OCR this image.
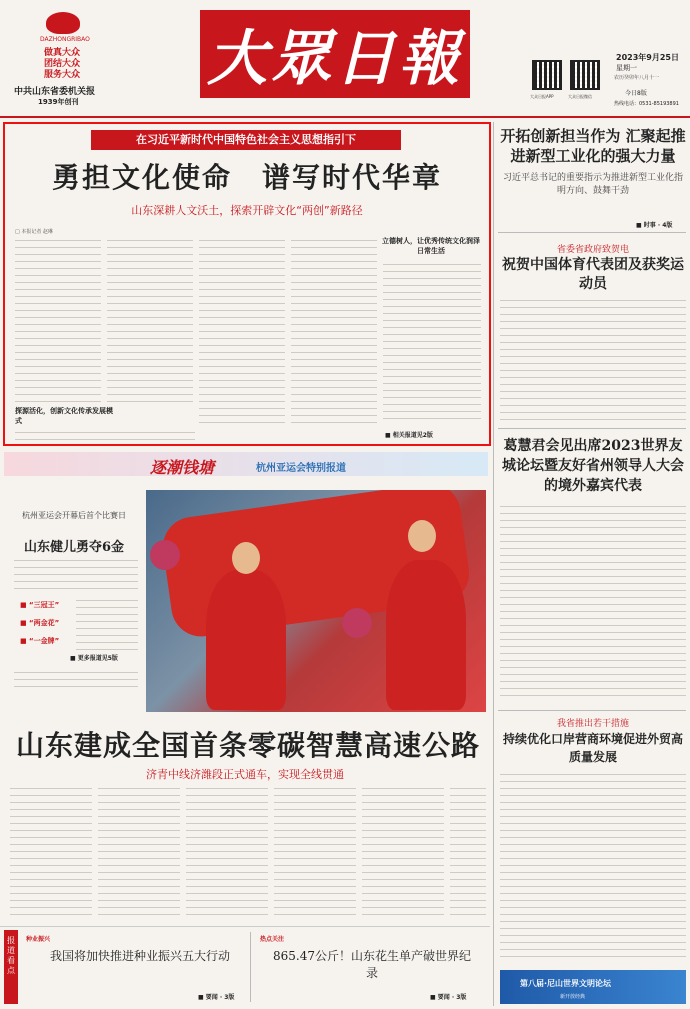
DAZHONGRIBAO
做真大众
团结大众
服务大众
中共山东省委机关报
1939年创刊
大眾日報
大众日报APP	大众日报微信
2023年9月25日
星期一
农历癸卯年八月十一
今日8版
热线电话：0531-85193891
在习近平新时代中国特色社会主义思想指引下
勇担文化使命　谱写时代华章
山东深耕人文沃土，探索开辟文化“两创”新路径
□ 本报记者 赵琳
探源活化，创新文化传承发展模式
立德树人，让优秀传统文化润泽日常生活
■ 相关报道见2版
逐潮钱塘	杭州亚运会特别报道
杭州亚运会开幕后首个比赛日
山东健儿勇夺6金
■ “三冠王”
■ “两金花”
■ “一金牌”
■ 更多报道见5版
山东建成全国首条零碳智慧高速公路
济青中线济潍段正式通车，实现全线贯通
报道看点
种业振兴
我国将加快推进种业振兴五大行动
■ 要闻 · 3版
热点关注
865.47公斤！山东花生单产破世界纪录
■ 要闻 · 3版
开拓创新担当作为 汇聚起推进新型工业化的强大力量
习近平总书记的重要指示为推进新型工业化指明方向、鼓舞干劲
■ 时事 · 4版
省委省政府致贺电
祝贺中国体育代表团及获奖运动员
葛慧君会见出席2023世界友城论坛暨友好省州领导人大会的境外嘉宾代表
我省推出若干措施
持续优化口岸营商环境促进外贸高质量发展
第八届·尼山世界文明论坛
新开放经典
